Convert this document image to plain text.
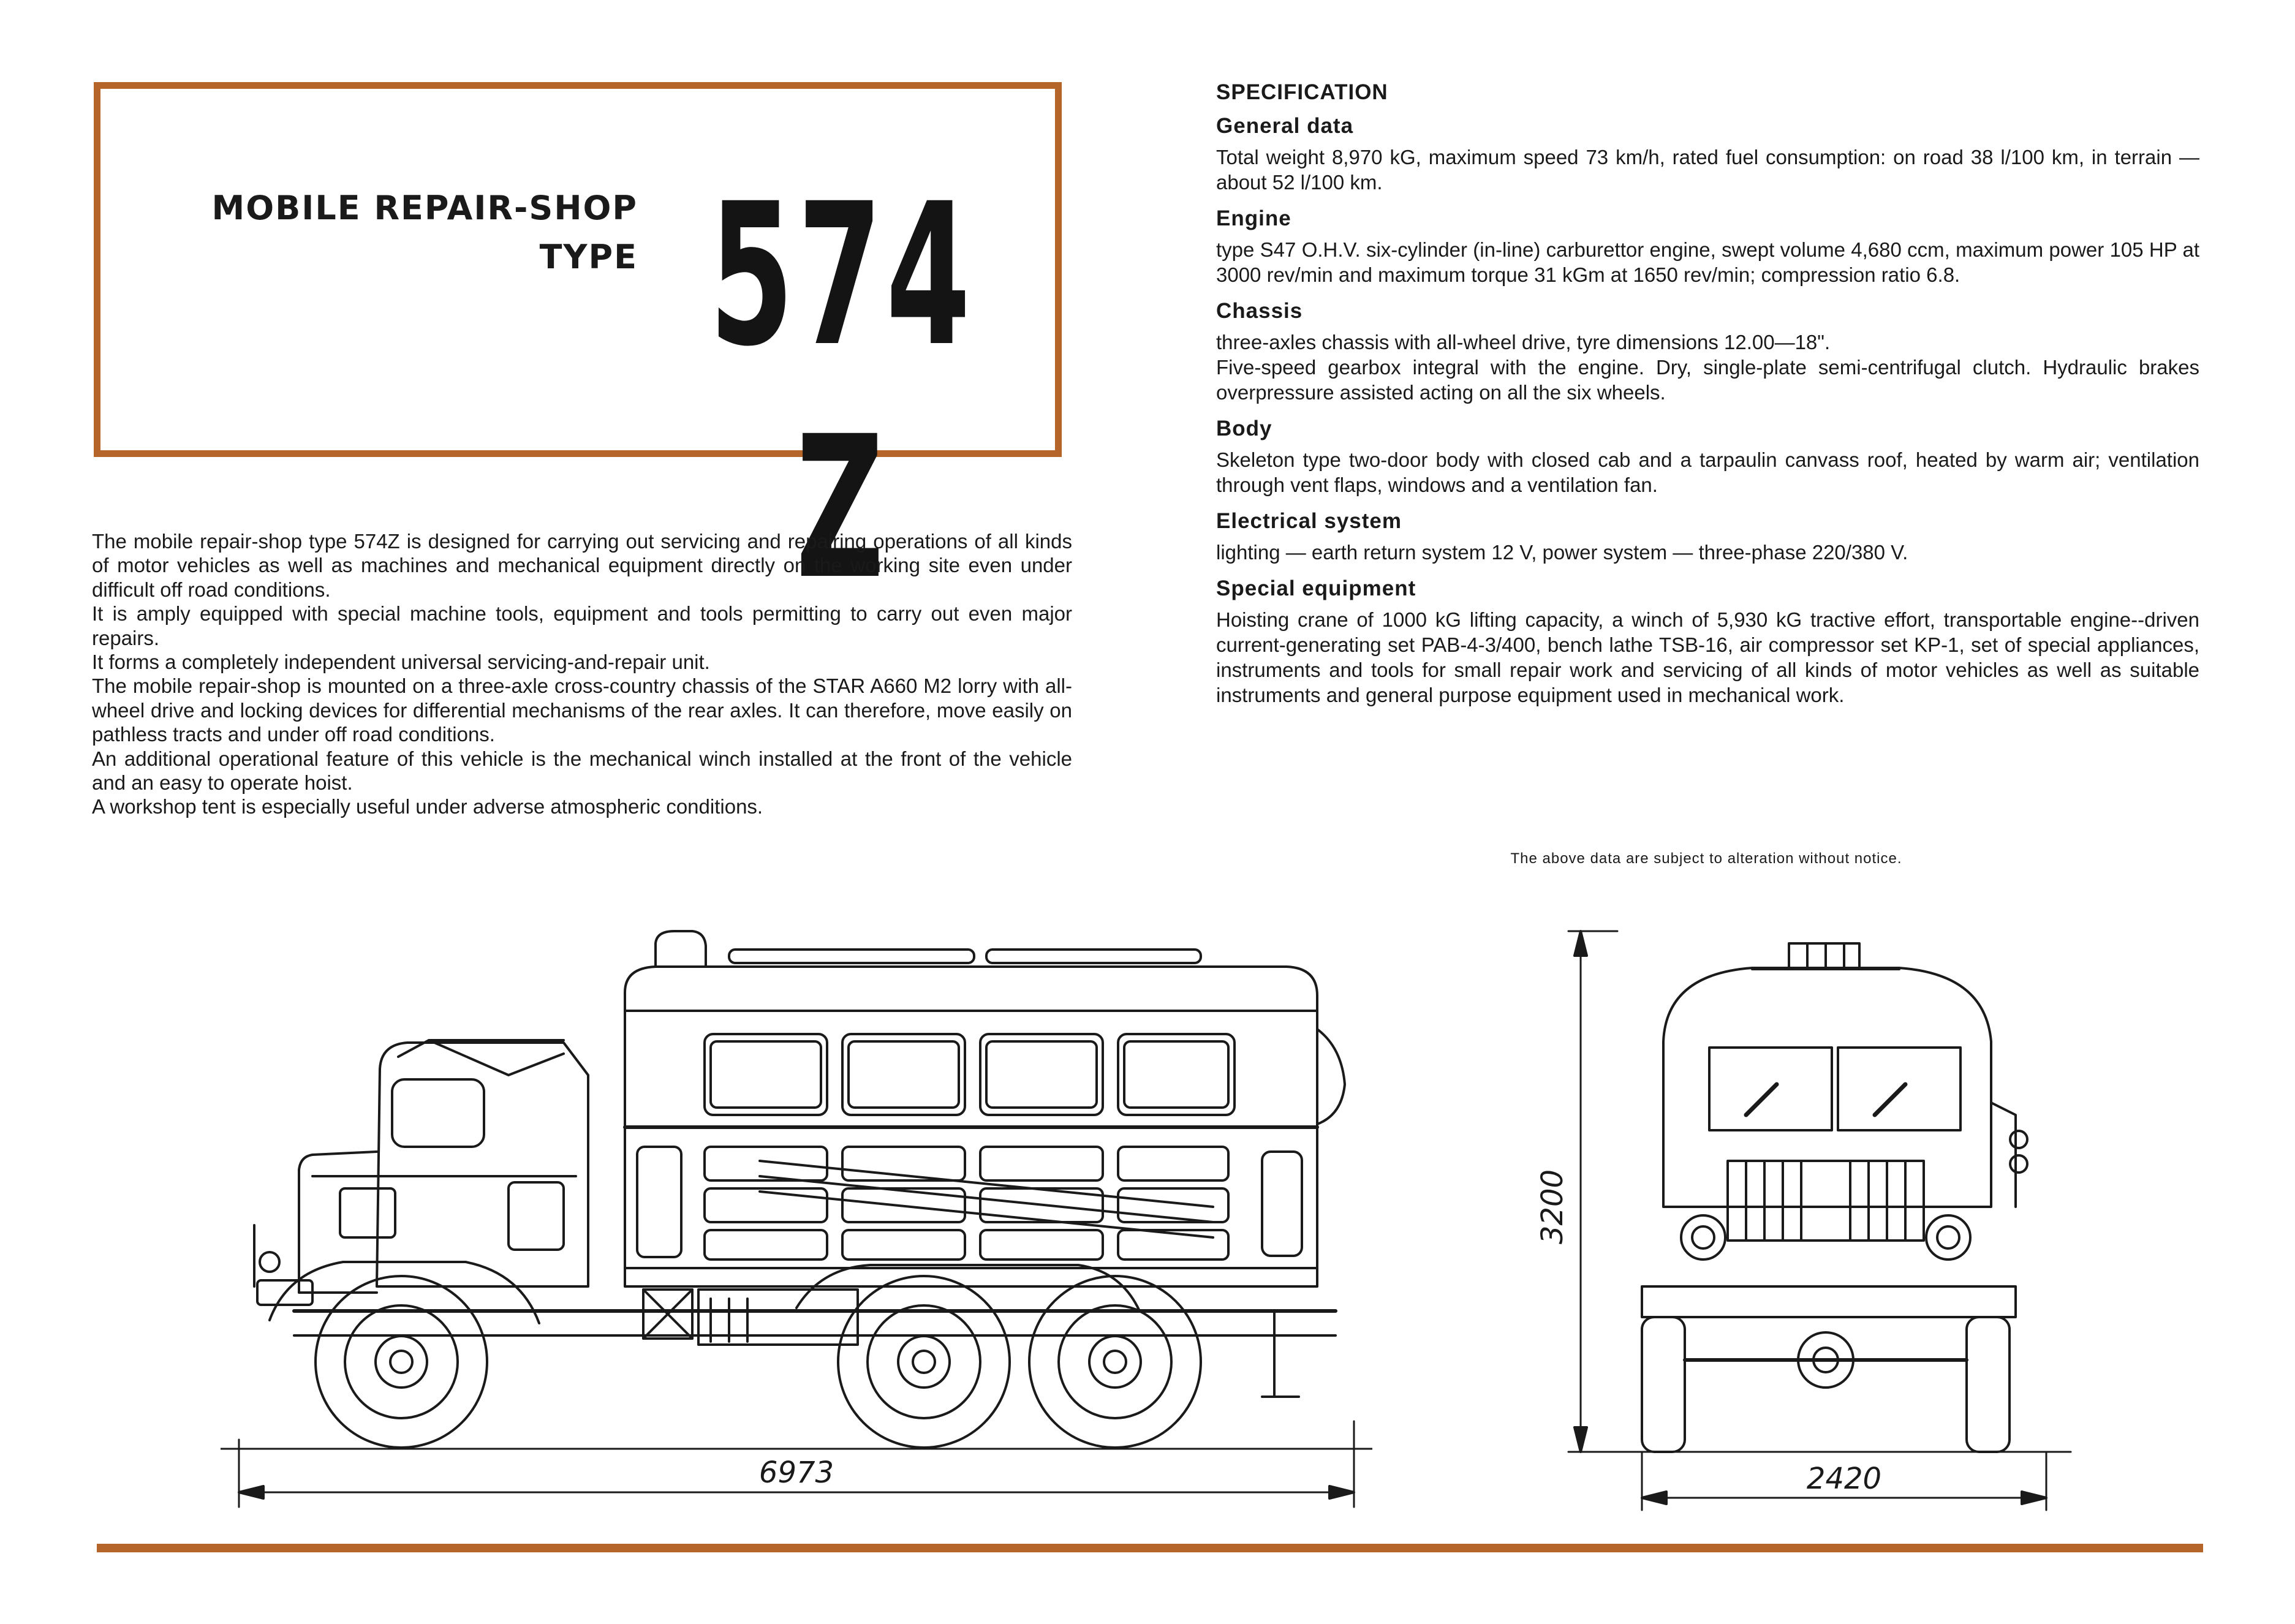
MOBILE REPAIR-SHOP
TYPE 574 Z

The mobile repair-shop type 574Z is designed for carrying out servicing and repairing operations of all kinds of motor vehicles as well as machines and mechanical equipment directly on the working site even under difficult off road conditions.

It is amply equipped with special machine tools, equipment and tools permitting to carry out even major repairs.

It forms a completely independent universal servicing-and-repair unit.

The mobile repair-shop is mounted on a three-axle cross-country chassis of the STAR A660 M2 lorry with all-wheel drive and locking devices for differential mechanisms of the rear axles. It can therefore, move easily on pathless tracts and under off road conditions.

An additional operational feature of this vehicle is the mechanical winch installed at the front of the vehicle and an easy to operate hoist.

A workshop tent is especially useful under adverse atmospheric conditions.

SPECIFICATION
General data

Total weight 8,970 kG, maximum speed 73 km/h, rated fuel consumption: on road 38 l/100 km, in terrain — about 52 l/100 km.

Engine

type S47 O.H.V. six-cylinder (in-line) carburettor engine, swept volume 4,680 ccm, maximum power 105 HP at 3000 rev/min and maximum torque 31 kGm at 1650 rev/min; compression ratio 6.8.

Chassis

three-axles chassis with all-wheel drive, tyre dimensions 12.00—18".

Five-speed gearbox integral with the engine. Dry, single-plate semi-centrifugal clutch. Hydraulic brakes overpressure assisted acting on all the six wheels.

Body

Skeleton type two-door body with closed cab and a tarpaulin canvass roof, heated by warm air; ventilation through vent flaps, windows and a ventilation fan.

Electrical system

lighting — earth return system 12 V, power system — three-phase 220/380 V.

Special equipment

Hoisting crane of 1000 kG lifting capacity, a winch of 5,930 kG tractive effort, transportable engine--driven current-generating set PAB-4-3/400, bench lathe TSB-16, air compressor set KP-1, set of special appliances, instruments and tools for small repair work and servicing of all kinds of motor vehicles as well as suitable instruments and general purpose equipment used in mechanical work.

The above data are subject to alteration without notice.
6973
3200
2420
